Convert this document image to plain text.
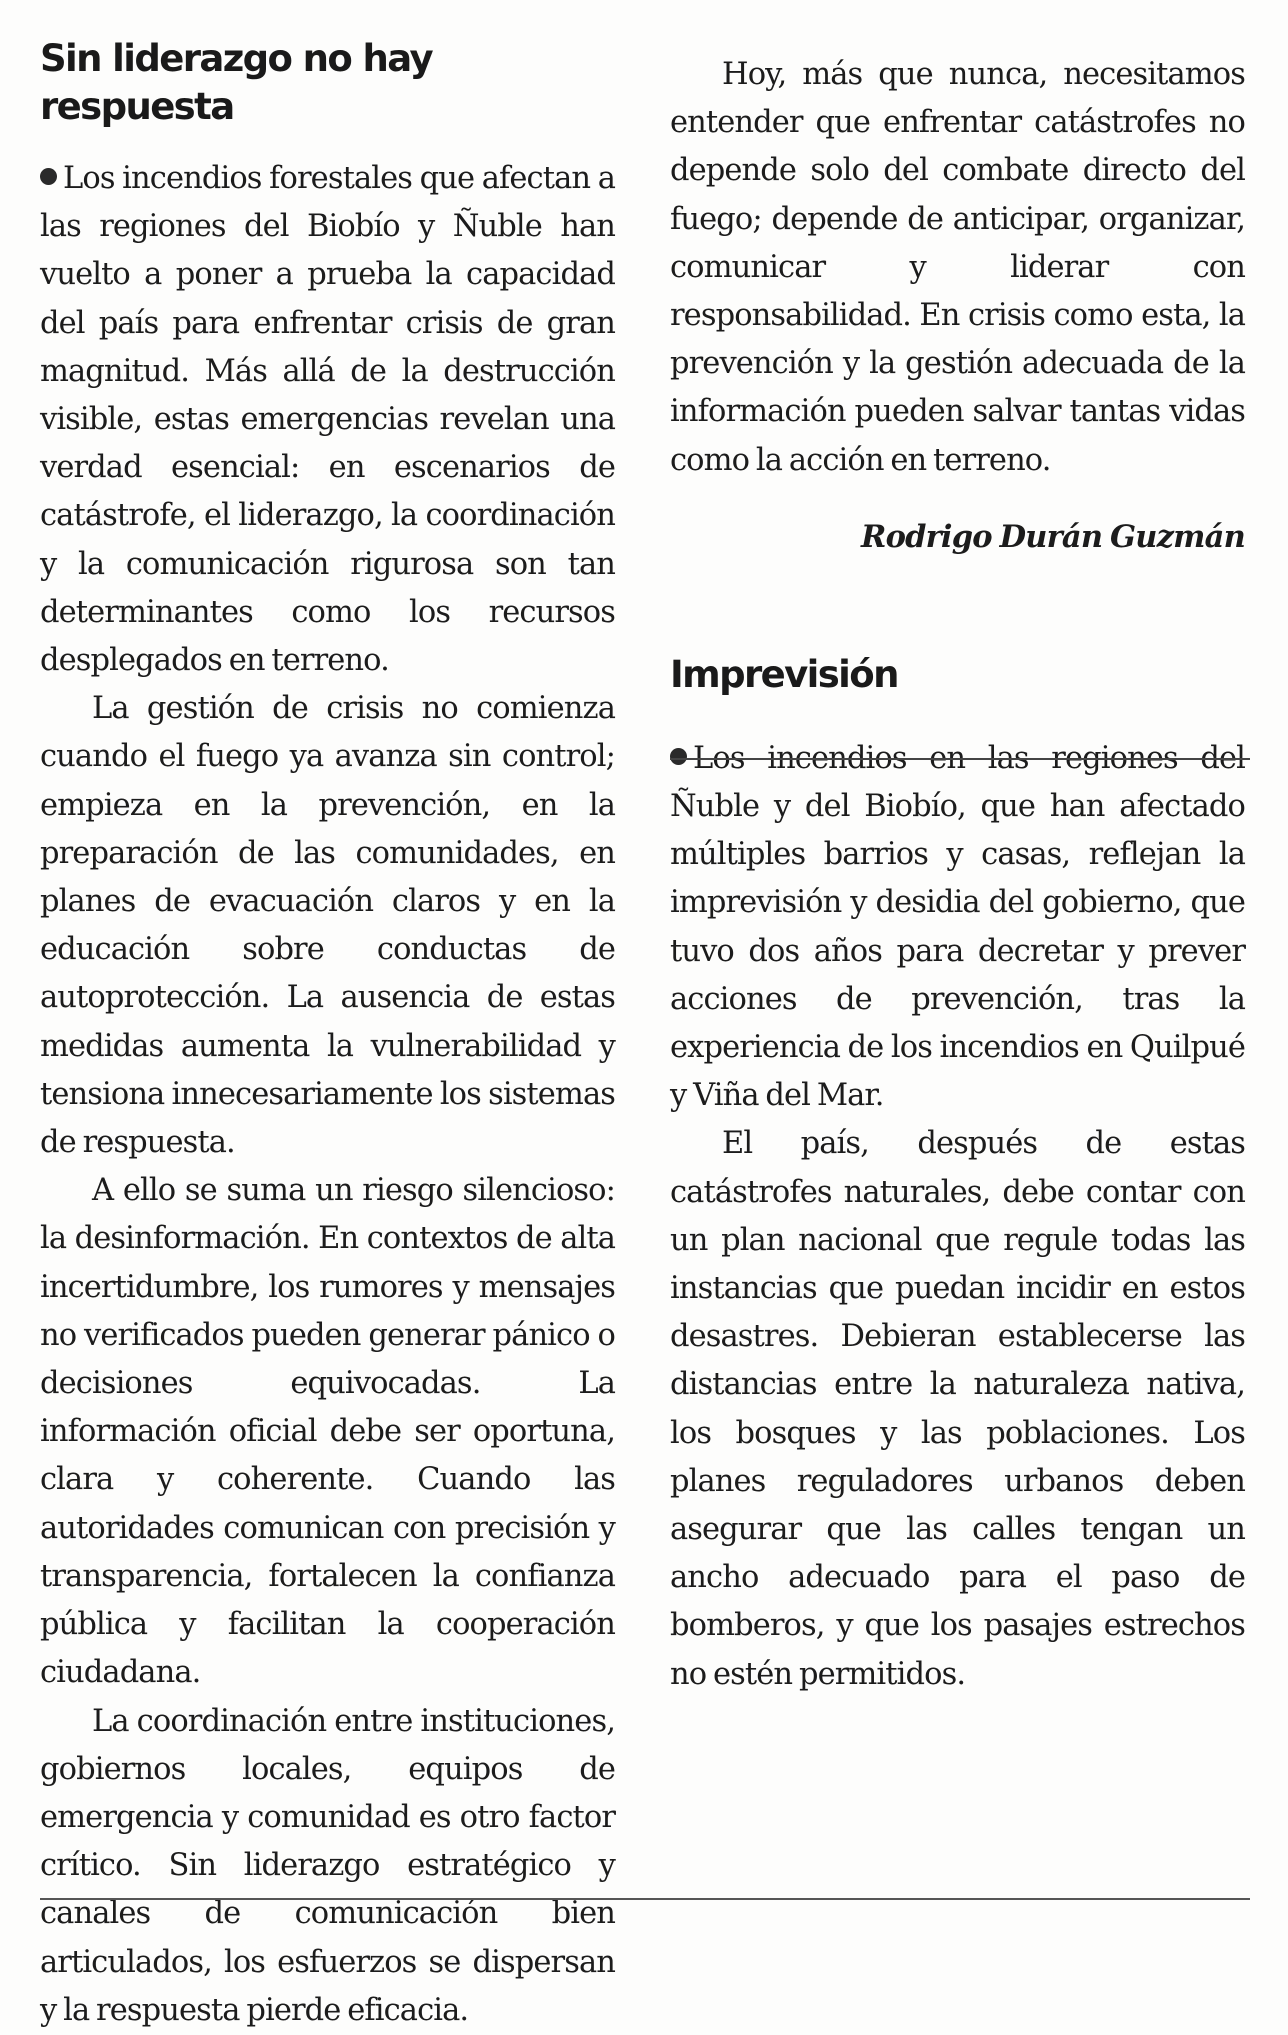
Sin liderazgo no hay respuesta

Los incendios forestales que afectan a las regiones del Biobío y Ñuble han vuelto a poner a prueba la capacidad del país para enfrentar crisis de gran magnitud. Más allá de la destrucción visible, estas emergencias revelan una verdad esencial: en escenarios de catástrofe, el liderazgo, la coordinación y la comunicación rigurosa son tan determinantes como los recursos desplegados en terreno.

La gestión de crisis no comienza cuando el fuego ya avanza sin control; empieza en la prevención, en la preparación de las comunidades, en planes de evacuación claros y en la educación sobre conductas de autoprotección. La ausencia de estas medidas aumenta la vulnerabilidad y tensiona innecesariamente los sistemas de respuesta.

A ello se suma un riesgo silencioso: la desinformación. En contextos de alta incertidumbre, los rumores y mensajes no verificados pueden generar pánico o decisiones equivocadas. La información oficial debe ser oportuna, clara y coherente. Cuando las autoridades comunican con precisión y transparencia, fortalecen la confianza pública y facilitan la cooperación ciudadana.

La coordinación entre instituciones, gobiernos locales, equipos de emergencia y comunidad es otro factor crítico. Sin liderazgo estratégico y canales de comunicación bien articulados, los esfuerzos se dispersan y la respuesta pierde eficacia.

Hoy, más que nunca, necesitamos entender que enfrentar catástrofes no depende solo del combate directo del fuego; depende de anticipar, organizar, comunicar y liderar con responsabilidad. En crisis como esta, la prevención y la gestión adecuada de la información pueden salvar tantas vidas como la acción en terreno.

Rodrigo Durán Guzmán

Imprevisión

Los incendios en las regiones del Ñuble y del Biobío, que han afectado múltiples barrios y casas, reflejan la imprevisión y desidia del gobierno, que tuvo dos años para decretar y prever acciones de prevención, tras la experiencia de los incendios en Quilpué y Viña del Mar.

El país, después de estas catástrofes naturales, debe contar con un plan nacional que regule todas las instancias que puedan incidir en estos desastres. Debieran establecerse las distancias entre la naturaleza nativa, los bosques y las poblaciones. Los planes reguladores urbanos deben asegurar que las calles tengan un ancho adecuado para el paso de bomberos, y que los pasajes estrechos no estén permitidos.
